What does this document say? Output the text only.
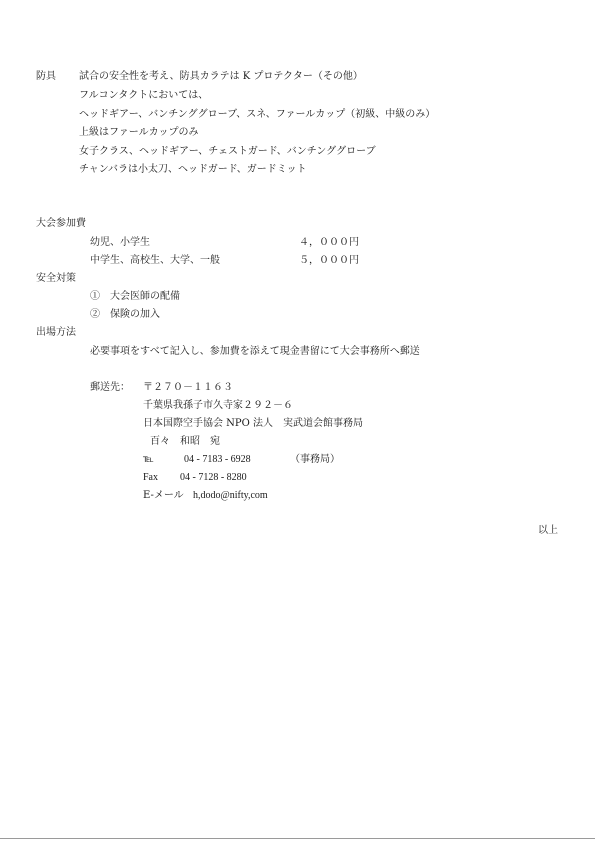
防具 試合の安全性を考え、防具カラテは K プロテクター（その他）
フルコンタクトにおいては、
ヘッドギアー、バンチンググローブ、スネ、ファールカップ（初級、中級のみ）
上級はファールカップのみ
女子クラス、ヘッドギアー、チェストガード、バンチンググローブ
チャンバラは小太刀、ヘッドガード、ガードミット
大会参加費
幼児、小学生	４，０００円
中学生、高校生、大学、一般	５，０００円
安全対策
①　大会医師の配備
②　保険の加入
出場方法
必要事項をすべて記入し、参加費を添えて現金書留にて大会事務所へ郵送
郵送先： 〒２７０－１１６３
千葉県我孫子市久寺家２９２－６
日本国際空手協会 NPO 法人　実武道会館事務局
百々　和昭　宛
℡	04 - 7183 - 6928	（事務局）
Fax 04 - 7128 - 8280
E-メール h,dodo@nifty,com
以上
